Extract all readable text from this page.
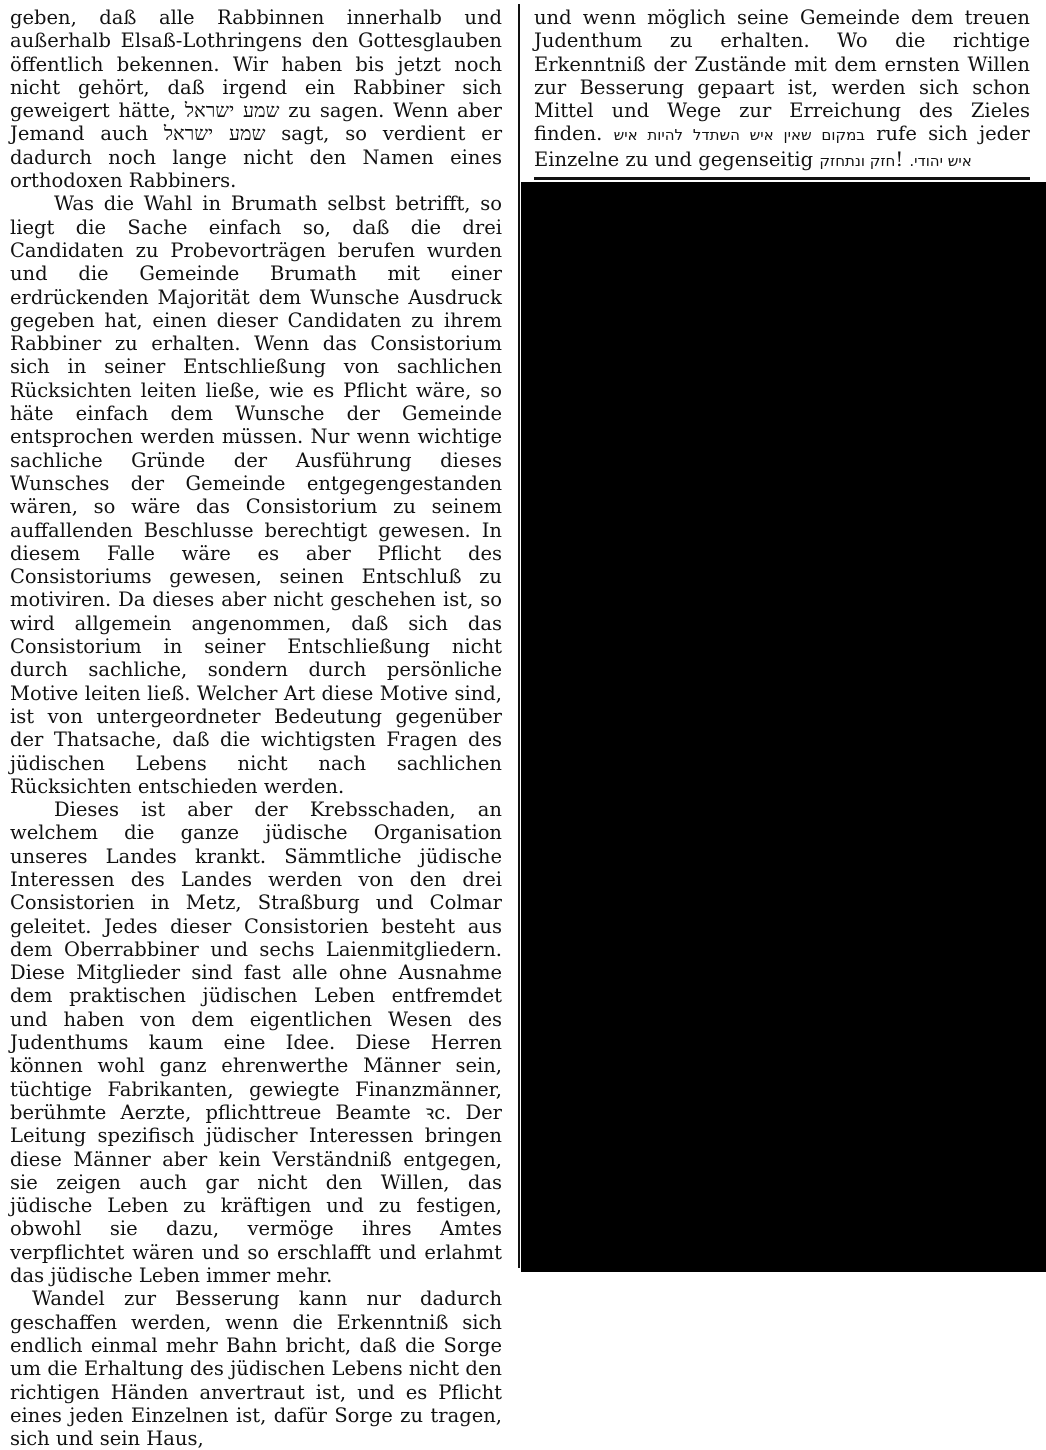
geben, daß alle Rabbinnen innerhalb und außerhalb Elsaß-Lothringens den Gottesglauben öffentlich bekennen. Wir haben bis jetzt noch nicht gehört, daß irgend ein Rabbiner sich geweigert hätte, שמע ישראל zu sagen. Wenn aber Jemand auch שמע ישראל sagt, so verdient er dadurch noch lange nicht den Namen eines orthodoxen Rabbiners.

Was die Wahl in Brumath selbst betrifft, so liegt die Sache einfach so, daß die drei Candidaten zu Probevorträgen berufen wurden und die Gemeinde Brumath mit einer erdrückenden Majorität dem Wunsche Ausdruck gegeben hat, einen dieser Candidaten zu ihrem Rabbiner zu erhalten. Wenn das Consistorium sich in seiner Entschließung von sachlichen Rücksichten leiten ließe, wie es Pflicht wäre, so häte einfach dem Wunsche der Gemeinde entsprochen werden müssen. Nur wenn wichtige sachliche Gründe der Ausführung dieses Wunsches der Gemeinde entgegengestanden wären, so wäre das Consistorium zu seinem auffallenden Beschlusse berechtigt gewesen. In diesem Falle wäre es aber Pflicht des Consistoriums gewesen, seinen Entschluß zu motiviren. Da dieses aber nicht geschehen ist, so wird allgemein angenommen, daß sich das Consistorium in seiner Entschließung nicht durch sachliche, sondern durch persönliche Motive leiten ließ. Welcher Art diese Motive sind, ist von untergeordneter Bedeutung gegenüber der Thatsache, daß die wichtigsten Fragen des jüdischen Lebens nicht nach sachlichen Rücksichten entschieden werden.

Dieses ist aber der Krebsschaden, an welchem die ganze jüdische Organisation unseres Landes krankt. Sämmtliche jüdische Interessen des Landes werden von den drei Consistorien in Metz, Straßburg und Colmar geleitet. Jedes dieser Consistorien besteht aus dem Oberrabbiner und sechs Laienmitgliedern. Diese Mitglieder sind fast alle ohne Ausnahme dem praktischen jüdischen Leben entfremdet und haben von dem eigentlichen Wesen des Judenthums kaum eine Idee. Diese Herren können wohl ganz ehrenwerthe Männer sein, tüchtige Fabrikanten, gewiegte Finanzmänner, berühmte Aerzte, pflichttreue Beamte ꝛc. Der Leitung spezifisch jüdischer Interessen bringen diese Männer aber kein Verständniß entgegen, sie zeigen auch gar nicht den Willen, das jüdische Leben zu kräftigen und zu festigen, obwohl sie dazu, vermöge ihres Amtes verpflichtet wären und so erschlafft und erlahmt das jüdische Leben immer mehr.

Wandel zur Besserung kann nur dadurch geschaffen werden, wenn die Erkenntniß sich endlich einmal mehr Bahn bricht, daß die Sorge um die Erhaltung des jüdischen Lebens nicht den richtigen Händen anvertraut ist, und es Pflicht eines jeden Einzelnen ist, dafür Sorge zu tragen, sich und sein Haus,

und wenn möglich seine Gemeinde dem treuen Judenthum zu erhalten. Wo die richtige Erkenntniß der Zustände mit dem ernsten Willen zur Besserung gepaart ist, werden sich schon Mittel und Wege zur Erreichung des Zieles finden. במקום שאין איש השתדל להיות איש rufe sich jeder Einzelne zu und gegenseitig חזק ונתחזק! איש יהודי.
